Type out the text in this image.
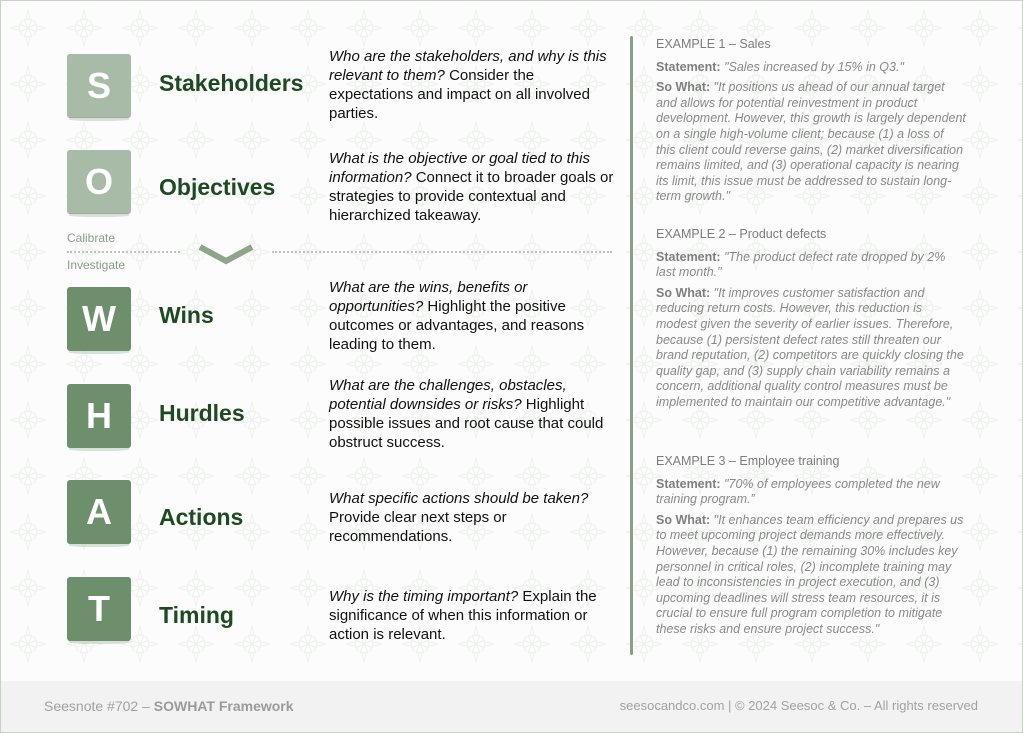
S Stakeholders
Who are the stakeholders, and why is this relevant to them? Consider the expectations and impact on all involved parties.
O Objectives
What is the objective or goal tied to this information? Connect it to broader goals or strategies to provide contextual and hierarchized takeaway.
Calibrate
Investigate
W Wins
What are the wins, benefits or opportunities? Highlight the positive outcomes or advantages, and reasons leading to them.
H Hurdles
What are the challenges, obstacles, potential downsides or risks? Highlight possible issues and root cause that could obstruct success.
A Actions
What specific actions should be taken? Provide clear next steps or recommendations.
T Timing
Why is the timing important? Explain the significance of when this information or action is relevant.
EXAMPLE 1 – Sales
Statement: "Sales increased by 15% in Q3."
So What: "It positions us ahead of our annual target and allows for potential reinvestment in product development. However, this growth is largely dependent on a single high-volume client; because (1) a loss of this client could reverse gains, (2) market diversification remains limited, and (3) operational capacity is nearing its limit, this issue must be addressed to sustain long-term growth."
EXAMPLE 2 – Product defects
Statement: "The product defect rate dropped by 2% last month."
So What: "It improves customer satisfaction and reducing return costs. However, this reduction is modest given the severity of earlier issues. Therefore, because (1) persistent defect rates still threaten our brand reputation, (2) competitors are quickly closing the quality gap, and (3) supply chain variability remains a concern, additional quality control measures must be implemented to maintain our competitive advantage."
EXAMPLE 3 – Employee training
Statement: "70% of employees completed the new training program.”
So What: "It enhances team efficiency and prepares us to meet upcoming project demands more effectively. However, because (1) the remaining 30% includes key personnel in critical roles, (2) incomplete training may lead to inconsistencies in project execution, and (3) upcoming deadlines will stress team resources, it is crucial to ensure full program completion to mitigate these risks and ensure project success."
Seesnote #702 – SOWHAT Framework	seesocandco.com | © 2024 Seesoc & Co. – All rights reserved
